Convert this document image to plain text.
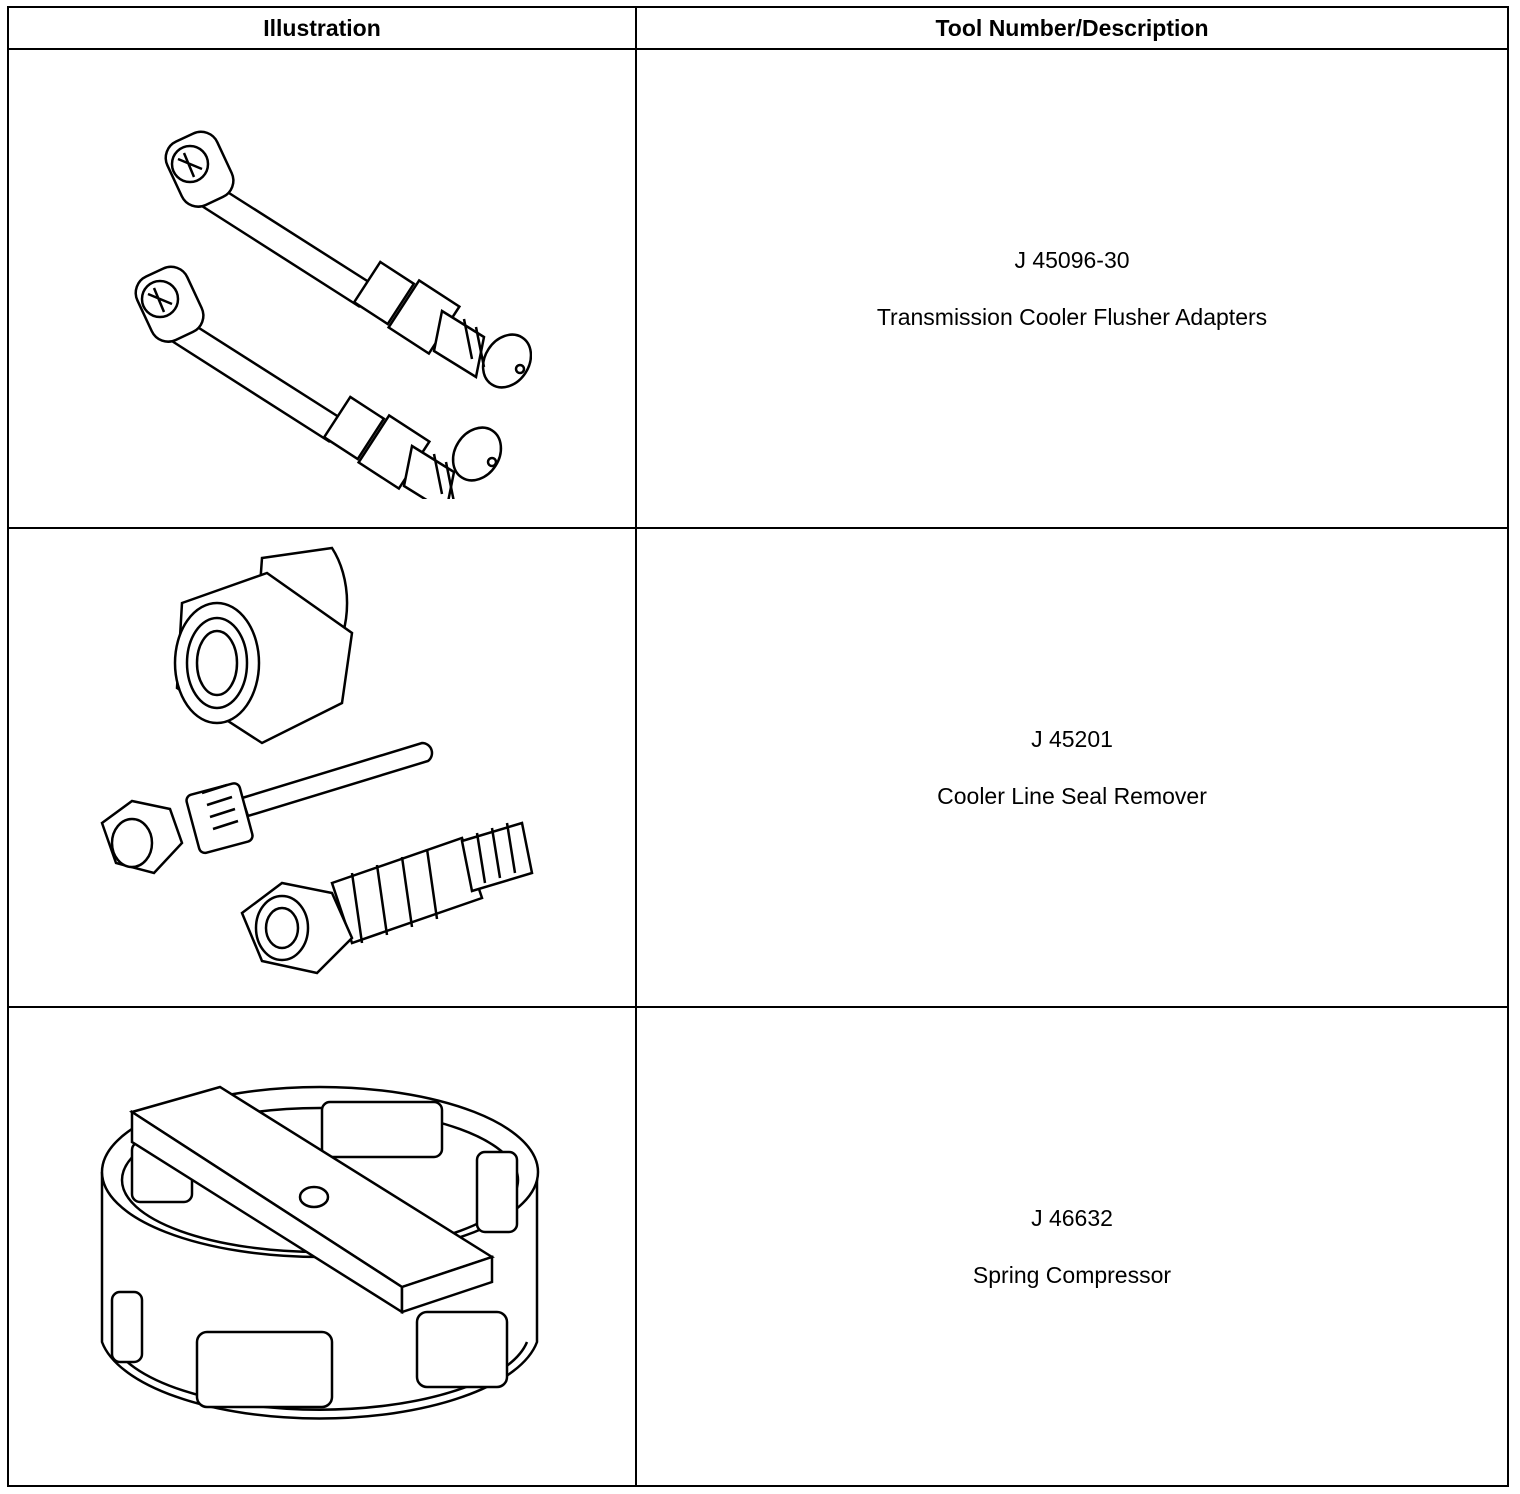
Illustration	Tool Number/Description

J 45096-30
Transmission Cooler Flusher Adapters

J 45201
Cooler Line Seal Remover

J 46632
Spring Compressor
